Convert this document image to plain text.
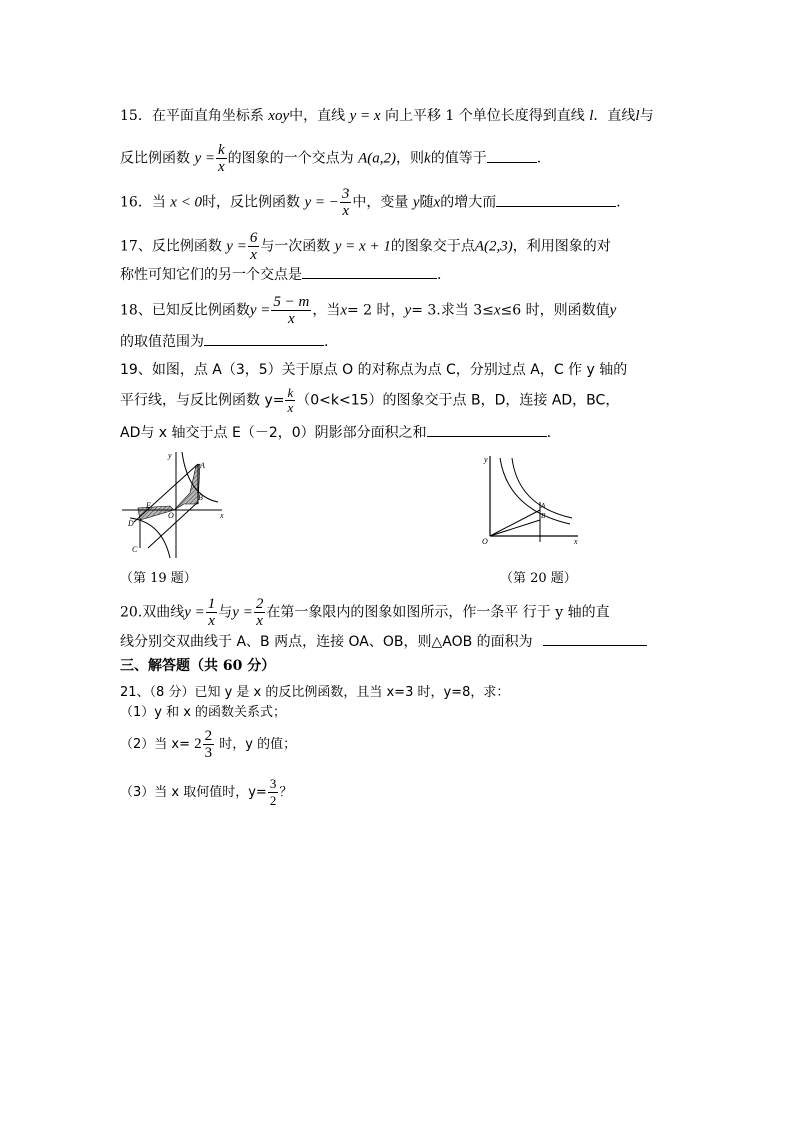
15．在平面直角坐标系 xoy中，直线 y = x 向上平移 1 个单位长度得到直线 l．直线l与
反比例函数 $y = \frac{k}{x}$ 的图象的一个交点为 A(a,2)，则k的值等于	.
16．当 x < 0时，反比例函数 y = − $\frac{3}{x}$ 中，变量 y随x的增大而	.
17、反比例函数 $y = \frac{6}{x}$ 与一次函数 y = x + 1的图象交于点A(2,3)，利用图象的对
称性可知它们的另一个交点是	.
18、已知反比例函数$y = \frac{5 - m}{x}$ ，当x= 2 时，y= 3.求当 3≤x≤6 时，则函数值y
的取值范围为	.
19、如图，点 A（3，5）关于原点 O 的对称点为点 C，分别过点 A，C 作 y 轴的
平行线，与反比例函数 $y= \frac{k}{x} (0<k<15)$的图象交于点 B，D，连接 AD，BC，
AD与 x 轴交于点 E（－2，0）阴影部分面积之和	.
y
x
A
B
C
D
E
O
（第 19 题）
y
x
A
B
O
（第 20 题）
20.双曲线$y = \frac{1}{x}$ 与$y = \frac{2}{x}$ 在第一象限内的图象如图所示，作一条平 行于 y 轴的直
线分别交双曲线于 A、B 两点，连接 OA、OB，则△AOB 的面积为
三、解答题（共 60 分）
21、（8 分）已知 y 是 x 的反比例函数，且当 x=3 时，y=8，求：
（1）y 和 x 的函数关系式；
（2）当 $x= 2 \frac{2}{3}$ 时，y 的值；
（3）当 x 取何值时，$y= \frac{3}{2}$ ？
